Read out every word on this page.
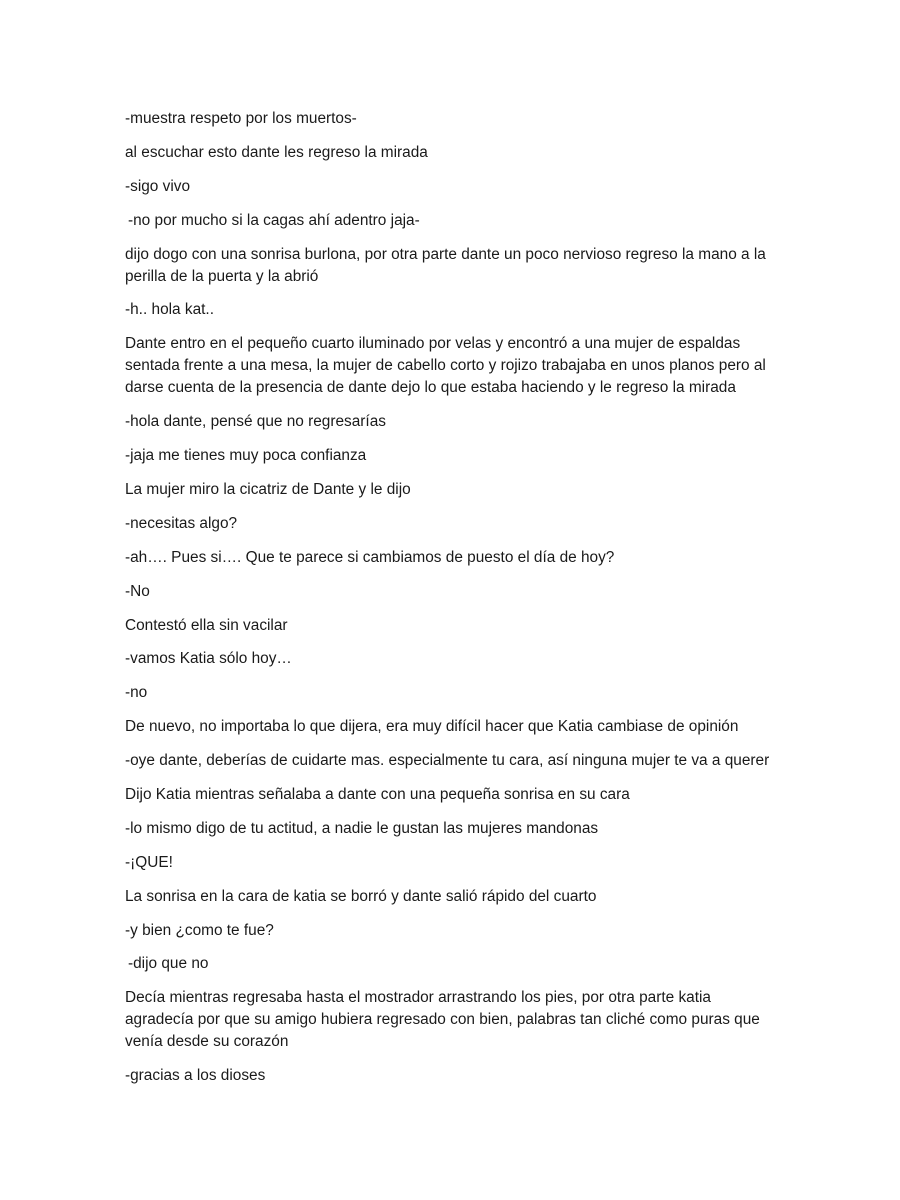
-muestra respeto por los muertos-

al escuchar esto dante les regreso la mirada

-sigo vivo

-no por mucho si la cagas ahí adentro jaja-

dijo dogo con una sonrisa burlona, por otra parte dante un poco nervioso regreso la mano a la perilla de la puerta y la abrió

-h.. hola kat..

Dante entro en el pequeño cuarto iluminado por velas y encontró a una mujer de espaldas sentada frente a una mesa, la mujer de cabello corto y rojizo trabajaba en unos planos pero al darse cuenta de la presencia de dante dejo lo que estaba haciendo y le regreso la mirada

-hola dante, pensé que no regresarías

-jaja me tienes muy poca confianza

La mujer miro la cicatriz de Dante y le dijo

-necesitas algo?

-ah…. Pues si…. Que te parece si cambiamos de puesto el día de hoy?

-No

Contestó ella sin vacilar

-vamos Katia sólo hoy…

-no

De nuevo, no importaba lo que dijera, era muy difícil hacer que Katia cambiase de opinión

-oye dante, deberías de cuidarte mas. especialmente tu cara, así ninguna mujer te va a querer

Dijo Katia mientras señalaba a dante con una pequeña sonrisa en su cara

-lo mismo digo de tu actitud, a nadie le gustan las mujeres mandonas

-¡QUE!

La sonrisa en la cara de katia se borró y dante salió rápido del cuarto

-y bien ¿como te fue?

-dijo que no

Decía mientras regresaba hasta el mostrador arrastrando los pies, por otra parte katia agradecía por que su amigo hubiera regresado con bien, palabras tan cliché como puras que venía desde su corazón

-gracias a los dioses
